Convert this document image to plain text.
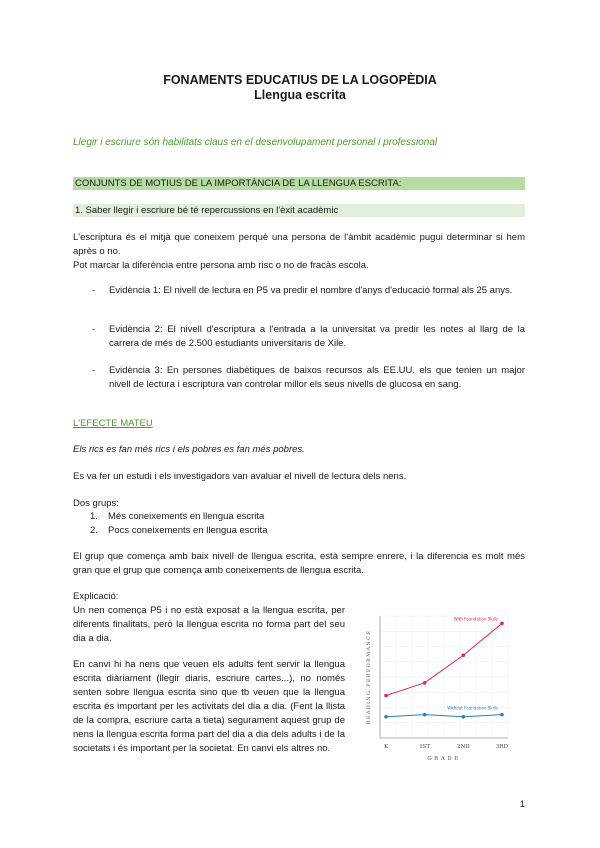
FONAMENTS EDUCATIUS DE LA LOGOPÈDIA
Llengua escrita
Llegir i escriure són habilitats claus en el desenvolupament personal i professional
CONJUNTS DE MOTIUS DE LA IMPORTÀNCIA DE LA LLENGUA ESCRITA:
1. Saber llegir i escriure bé té repercussions en l'èxit acadèmic
L'escriptura és el mitjà que coneixem perquè una persona de l'àmbit acadèmic pugui determinar si hem après o no.
Pot marcar la diferència entre persona amb risc o no de fracàs escola.
- Evidència 1: El nivell de lectura en P5 va predir el nombre d'anys d'educació formal als 25 anys.
- Evidència 2: El nivell d'escriptura a l'entrada a la universitat va predir les notes al llarg de la carrera de més de 2.500 estudiants universitaris de Xile.
- Evidència 3: En persones diabètiques de baixos recursos als EE.UU. els que tenien un major nivell de lectura i escriptura van controlar millor els seus nivells de glucosa en sang.
L'EFECTE MATEU
Els rics es fan més rics i els pobres es fan més pobres.
Es va fer un estudi i els investigadors van avaluar el nivell de lectura dels nens.
Dos grups:
1. Més coneixements en llengua escrita
2. Pocs coneixements en llengua escrita
El grup que comença amb baix nivell de llengua escrita, està sempre enrere, i la diferencia es molt més gran que el grup que comença amb coneixements de llengua escrita.
Explicació:
Un nen comença P5 i no està exposat a la llengua escrita, per diferents finalitats, però la llengua escrita no forma part del seu dia a dia.
En canvi hi ha nens que veuen els adults fent servir la llengua escrita diàriament (llegir diaris, escriure cartes...), no només senten sobre llengua escrita sino que tb veuen que la llengua escrita és important per les activitats del dia a dia. (Fent la llista de la compra, escriure carta a tieta) segurament aquest grup de nens la llengua escrita forma part del dia a dia dels adults i de la societats i és important per la societat. En canvi els altres no.	K	1ST	2ND	3RD
GRADE
READING PERFORMANCE
With Foundation Skills
Without Foundation Skills
1
